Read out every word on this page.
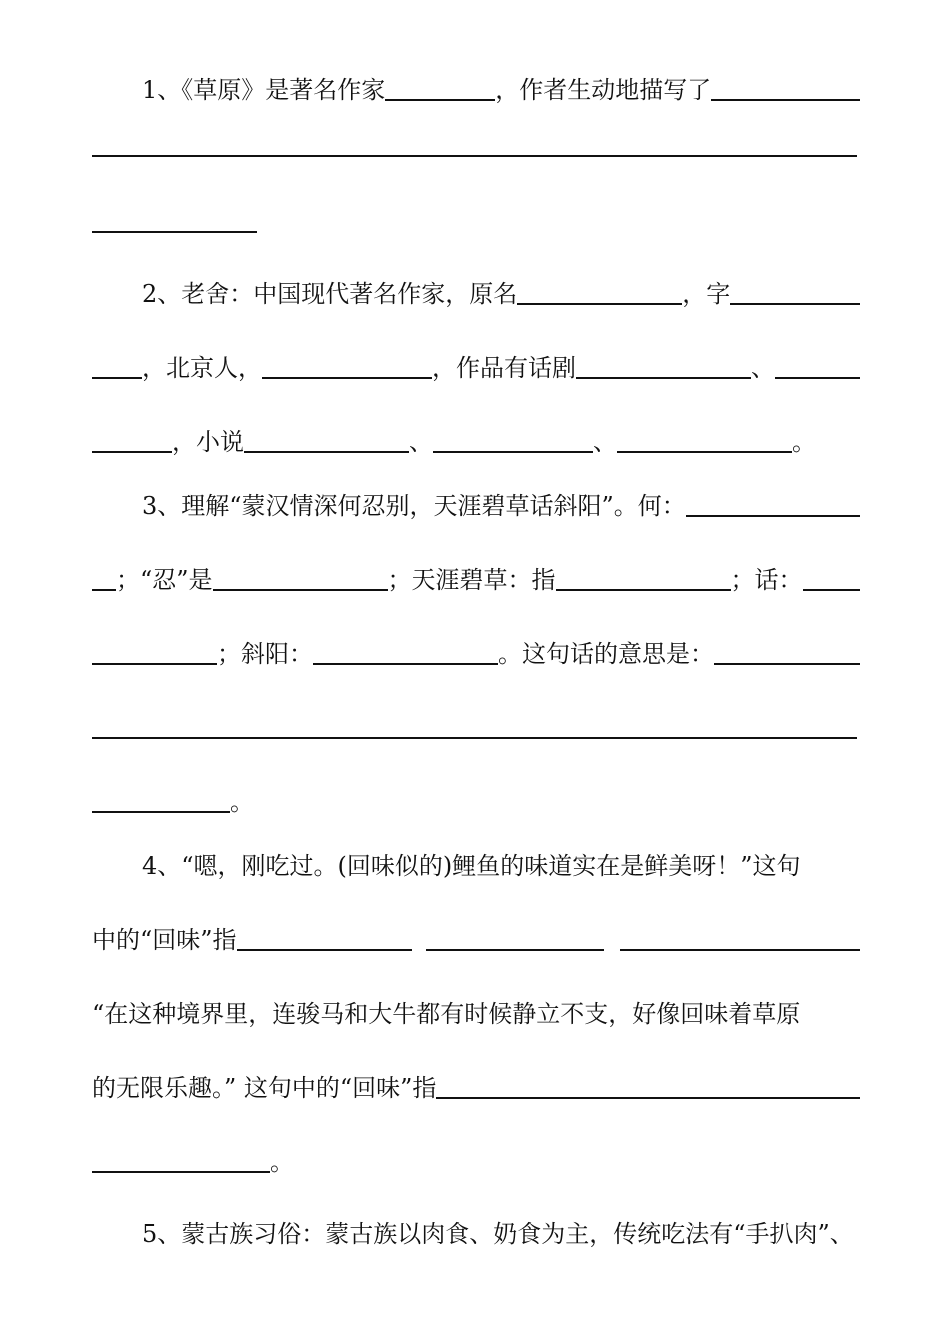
1、《草原》是著名作家	，作者生动地描写了
2、老舍：中国现代著名作家，原名	，字
，北京人，	，作品有话剧	、
，小说	、	、	。
3、理解“蒙汉情深何忍别，天涯碧草话斜阳”。何：
；“忍”是	；天涯碧草：指	；话：
；斜阳：	。这句话的意思是：
。
4、“嗯，刚吃过。(回味似的)鲤鱼的味道实在是鲜美呀！”这句
中的“回味”指
“在这种境界里，连骏马和大牛都有时候静立不支，好像回味着草原
的无限乐趣。” 这句中的“回味”指
。
5、蒙古族习俗：蒙古族以肉食、奶食为主，传统吃法有“手扒肉”、
